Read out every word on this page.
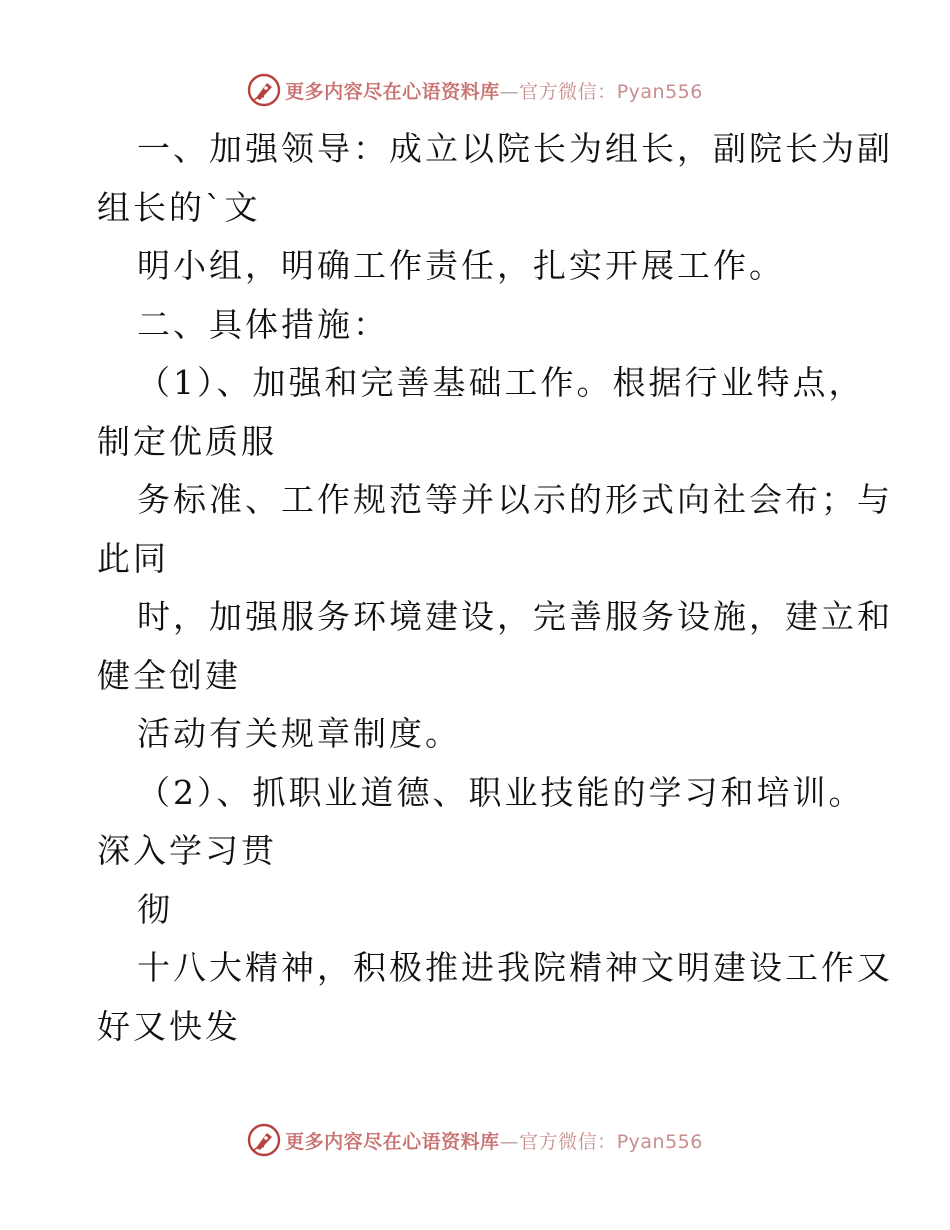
更多内容尽在心语资料库—官方微信：Pyan556
一、加强领导：成立以院长为组长，副院长为副
组长的`文
明小组，明确工作责任，扎实开展工作。
二、具体措施：
（1）、加强和完善基础工作。根据行业特点，
制定优质服
务标准、工作规范等并以示的形式向社会布；与
此同
时，加强服务环境建设，完善服务设施，建立和
健全创建
活动有关规章制度。
（2）、抓职业道德、职业技能的学习和培训。
深入学习贯
彻
十八大精神，积极推进我院精神文明建设工作又
好又快发
更多内容尽在心语资料库—官方微信：Pyan556
